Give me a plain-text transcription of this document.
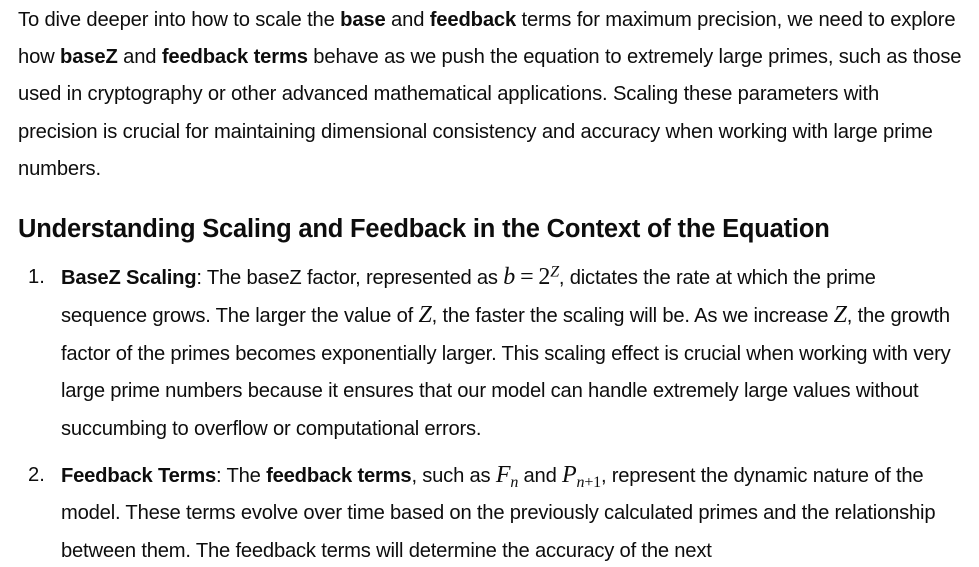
To dive deeper into how to scale the base and feedback terms for maximum precision, we need to explore how baseZ and feedback terms behave as we push the equation to extremely large primes, such as those used in cryptography or other advanced mathematical applications. Scaling these parameters with precision is crucial for maintaining dimensional consistency and accuracy when working with large prime numbers.

Understanding Scaling and Feedback in the Context of the Equation
1. BaseZ Scaling: The baseZ factor, represented as $b = 2^Z$, dictates the rate at which the prime sequence grows. The larger the value of Z, the faster the scaling will be. As we increase Z, the growth factor of the primes becomes exponentially larger. This scaling effect is crucial when working with very large prime numbers because it ensures that our model can handle extremely large values without succumbing to overflow or computational errors.
2. Feedback Terms: The feedback terms, such as $F_n$ and $P_{n+1}$, represent the dynamic nature of the model. These terms evolve over time based on the previously calculated primes and the relationship between them. The feedback terms will determine the accuracy of the next
